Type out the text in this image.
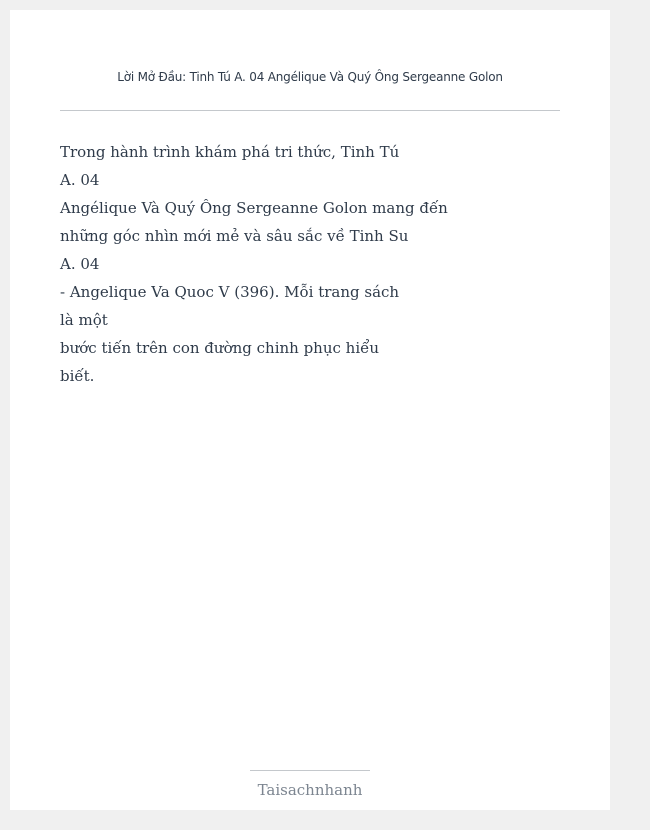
Lời Mở Đầu: Tinh Tú A. 04 Angélique Và Quý Ông Sergeanne Golon
Trong hành trình khám phá tri thức, Tinh Tú
A. 04
Angélique Và Quý Ông Sergeanne Golon mang đến
những góc nhìn mới mẻ và sâu sắc về Tinh Su
A. 04
- Angelique Va Quoc V (396). Mỗi trang sách
là một
bước tiến trên con đường chinh phục hiểu
biết.
Taisachnhanh
